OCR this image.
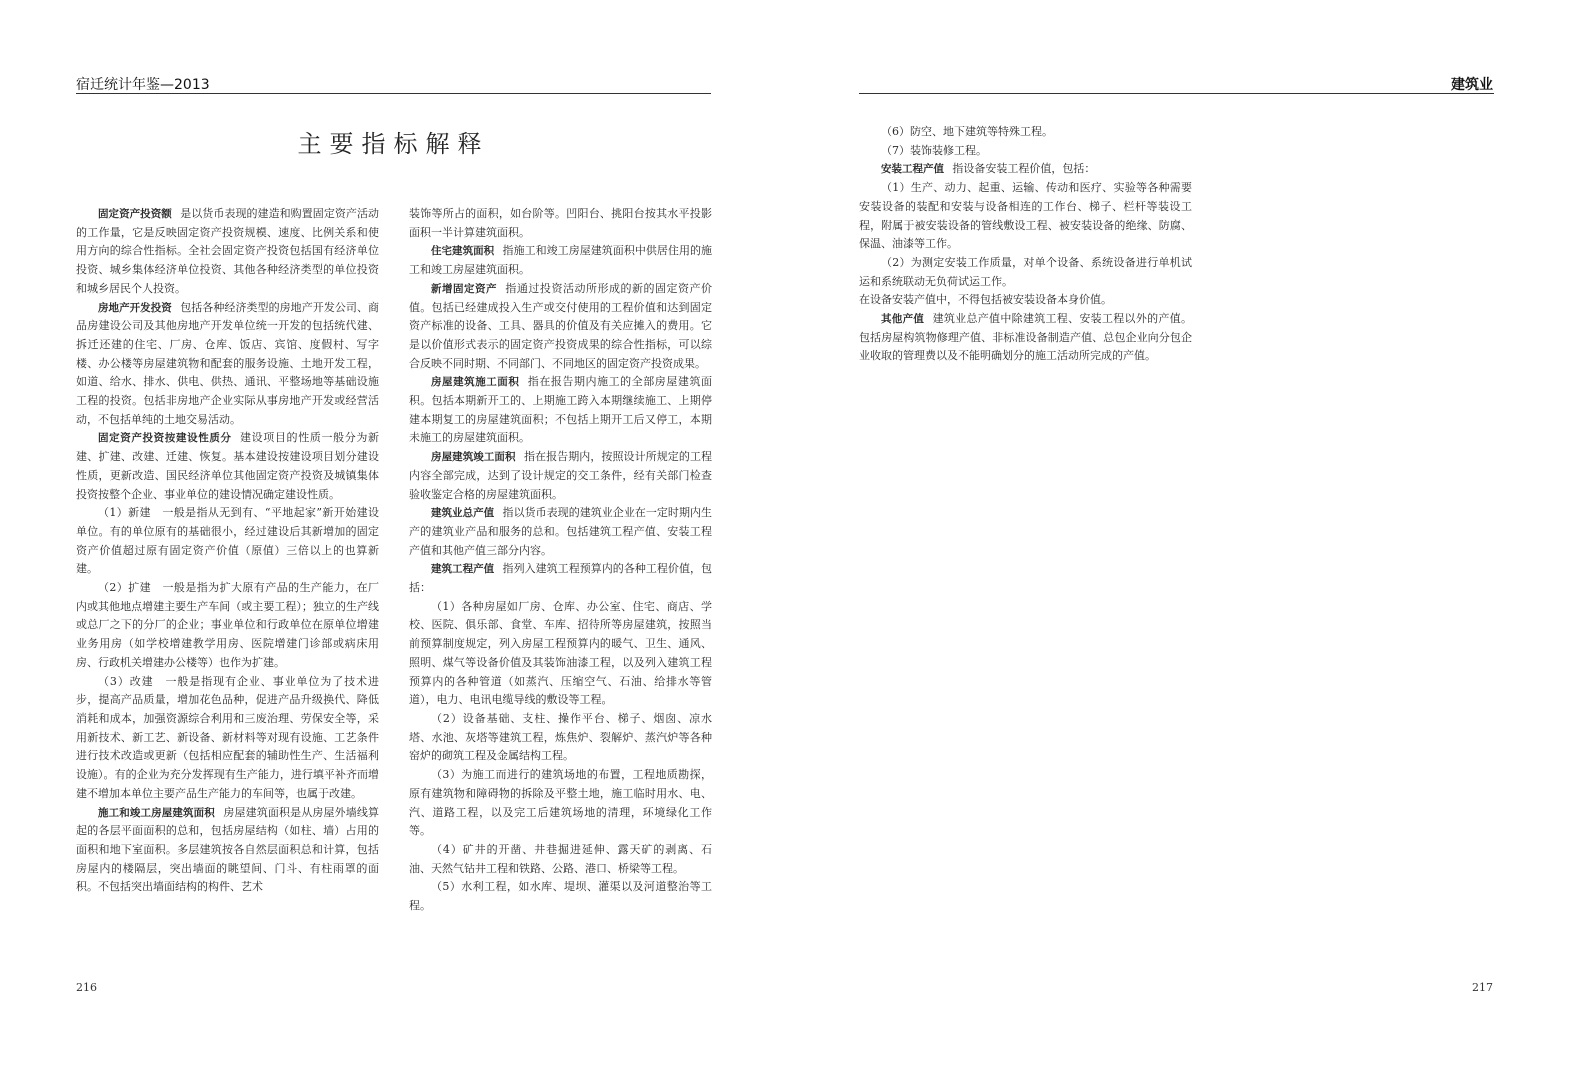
宿迁统计年鉴—2013	建筑业
主要指标解释

固定资产投资额 是以货币表现的建造和购置固定资产活动的工作量，它是反映固定资产投资规模、速度、比例关系和使用方向的综合性指标。全社会固定资产投资包括国有经济单位投资、城乡集体经济单位投资、其他各种经济类型的单位投资和城乡居民个人投资。

房地产开发投资 包括各种经济类型的房地产开发公司、商品房建设公司及其他房地产开发单位统一开发的包括统代建、拆迁还建的住宅、厂房、仓库、饭店、宾馆、度假村、写字楼、办公楼等房屋建筑物和配套的服务设施、土地开发工程，如道、给水、排水、供电、供热、通讯、平整场地等基础设施工程的投资。包括非房地产企业实际从事房地产开发或经营活动，不包括单纯的土地交易活动。

固定资产投资按建设性质分 建设项目的性质一般分为新建、扩建、改建、迁建、恢复。基本建设按建设项目划分建设性质，更新改造、国民经济单位其他固定资产投资及城镇集体投资按整个企业、事业单位的建设情况确定建设性质。

（1）新建　一般是指从无到有、“平地起家”新开始建设单位。有的单位原有的基础很小，经过建设后其新增加的固定资产价值超过原有固定资产价值（原值）三倍以上的也算新建。

（2）扩建　一般是指为扩大原有产品的生产能力，在厂内或其他地点增建主要生产车间（或主要工程）；独立的生产线或总厂之下的分厂的企业；事业单位和行政单位在原单位增建业务用房（如学校增建教学用房、医院增建门诊部或病床用房、行政机关增建办公楼等）也作为扩建。

（3）改建　一般是指现有企业、事业单位为了技术进步，提高产品质量，增加花色品种，促进产品升级换代、降低消耗和成本，加强资源综合利用和三废治理、劳保安全等，采用新技术、新工艺、新设备、新材料等对现有设施、工艺条件进行技术改造或更新（包括相应配套的辅助性生产、生活福利设施）。有的企业为充分发挥现有生产能力，进行填平补齐而增建不增加本单位主要产品生产能力的车间等，也属于改建。

施工和竣工房屋建筑面积 房屋建筑面积是从房屋外墙线算起的各层平面面积的总和，包括房屋结构（如柱、墙）占用的面积和地下室面积。多层建筑按各自然层面积总和计算，包括房屋内的楼隔层，突出墙面的眺望间、门斗、有柱雨罩的面积。不包括突出墙面结构的构件、艺术

装饰等所占的面积，如台阶等。凹阳台、挑阳台按其水平投影面积一半计算建筑面积。

住宅建筑面积 指施工和竣工房屋建筑面积中供居住用的施工和竣工房屋建筑面积。

新增固定资产 指通过投资活动所形成的新的固定资产价值。包括已经建成投入生产或交付使用的工程价值和达到固定资产标准的设备、工具、器具的价值及有关应摊入的费用。它是以价值形式表示的固定资产投资成果的综合性指标，可以综合反映不同时期、不同部门、不同地区的固定资产投资成果。

房屋建筑施工面积 指在报告期内施工的全部房屋建筑面积。包括本期新开工的、上期施工跨入本期继续施工、上期停建本期复工的房屋建筑面积；不包括上期开工后又停工，本期未施工的房屋建筑面积。

房屋建筑竣工面积 指在报告期内，按照设计所规定的工程内容全部完成，达到了设计规定的交工条件，经有关部门检查验收鉴定合格的房屋建筑面积。

建筑业总产值 指以货币表现的建筑业企业在一定时期内生产的建筑业产品和服务的总和。包括建筑工程产值、安装工程产值和其他产值三部分内容。

建筑工程产值 指列入建筑工程预算内的各种工程价值，包括：

（1）各种房屋如厂房、仓库、办公室、住宅、商店、学校、医院、俱乐部、食堂、车库、招待所等房屋建筑，按照当前预算制度规定，列入房屋工程预算内的暖气、卫生、通风、照明、煤气等设备价值及其装饰油漆工程，以及列入建筑工程预算内的各种管道（如蒸汽、压缩空气、石油、给排水等管道），电力、电讯电缆导线的敷设等工程。

（2）设备基础、支柱、操作平台、梯子、烟囱、凉水塔、水池、灰塔等建筑工程，炼焦炉、裂解炉、蒸汽炉等各种窑炉的砌筑工程及金属结构工程。

（3）为施工而进行的建筑场地的布置，工程地质勘探，原有建筑物和障碍物的拆除及平整土地，施工临时用水、电、汽、道路工程，以及完工后建筑场地的清理，环境绿化工作等。

（4）矿井的开凿、井巷掘进延伸、露天矿的剥离、石油、天然气钻井工程和铁路、公路、港口、桥梁等工程。

（5）水利工程，如水库、堤坝、灌渠以及河道整治等工程。

（6）防空、地下建筑等特殊工程。

（7）装饰装修工程。

安装工程产值 指设备安装工程价值，包括：

（1）生产、动力、起重、运输、传动和医疗、实验等各种需要安装设备的装配和安装与设备相连的工作台、梯子、栏杆等装设工程，附属于被安装设备的管线敷设工程、被安装设备的绝缘、防腐、保温、油漆等工作。

（2）为测定安装工作质量，对单个设备、系统设备进行单机试运和系统联动无负荷试运工作。

在设备安装产值中，不得包括被安装设备本身价值。

其他产值 建筑业总产值中除建筑工程、安装工程以外的产值。包括房屋构筑物修理产值、非标准设备制造产值、总包企业向分包企业收取的管理费以及不能明确划分的施工活动所完成的产值。

216	217
